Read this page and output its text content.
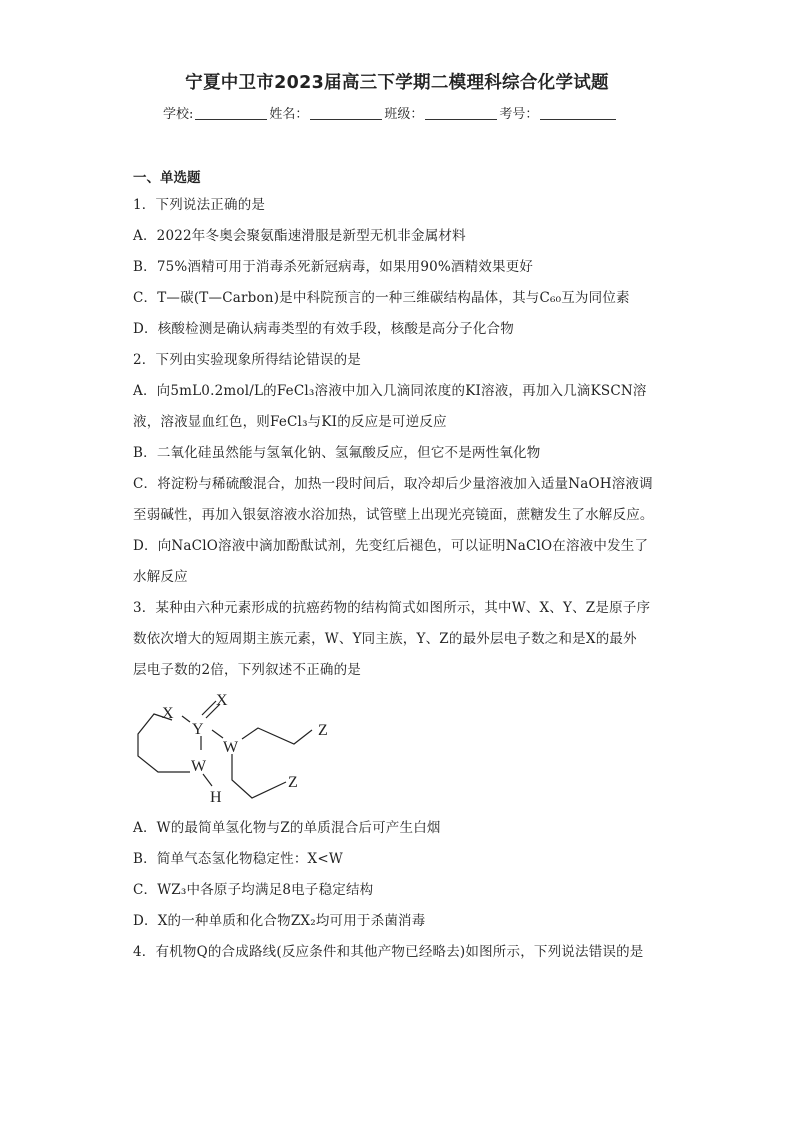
宁夏中卫市2023届高三下学期二模理科综合化学试题
学校:	姓名：	班级：	考号：
一、单选题
1．下列说法正确的是
A．2022年冬奥会聚氨酯速滑服是新型无机非金属材料
B．75%酒精可用于消毒杀死新冠病毒，如果用90%酒精效果更好
C．T—碳(T—Carbon)是中科院预言的一种三维碳结构晶体，其与C₆₀互为同位素
D．核酸检测是确认病毒类型的有效手段，核酸是高分子化合物
2．下列由实验现象所得结论错误的是
A．向5mL0.2mol/L的FeCl₃溶液中加入几滴同浓度的KI溶液，再加入几滴KSCN溶
液，溶液显血红色，则FeCl₃与KI的反应是可逆反应
B．二氧化硅虽然能与氢氧化钠、氢氟酸反应，但它不是两性氧化物
C．将淀粉与稀硫酸混合，加热一段时间后，取冷却后少量溶液加入适量NaOH溶液调
至弱碱性，再加入银氨溶液水浴加热，试管壁上出现光亮镜面，蔗糖发生了水解反应。
D．向NaClO溶液中滴加酚酞试剂，先变红后褪色，可以证明NaClO在溶液中发生了
水解反应
3．某种由六种元素形成的抗癌药物的结构简式如图所示，其中W、X、Y、Z是原子序
数依次增大的短周期主族元素，W、Y同主族，Y、Z的最外层电子数之和是X的最外
层电子数的2倍，下列叙述不正确的是
X
X
Y
W
W
H
Z
Z
A．W的最简单氢化物与Z的单质混合后可产生白烟
B．简单气态氢化物稳定性：X<W
C．WZ₃中各原子均满足8电子稳定结构
D．X的一种单质和化合物ZX₂均可用于杀菌消毒
4．有机物Q的合成路线(反应条件和其他产物已经略去)如图所示，下列说法错误的是
